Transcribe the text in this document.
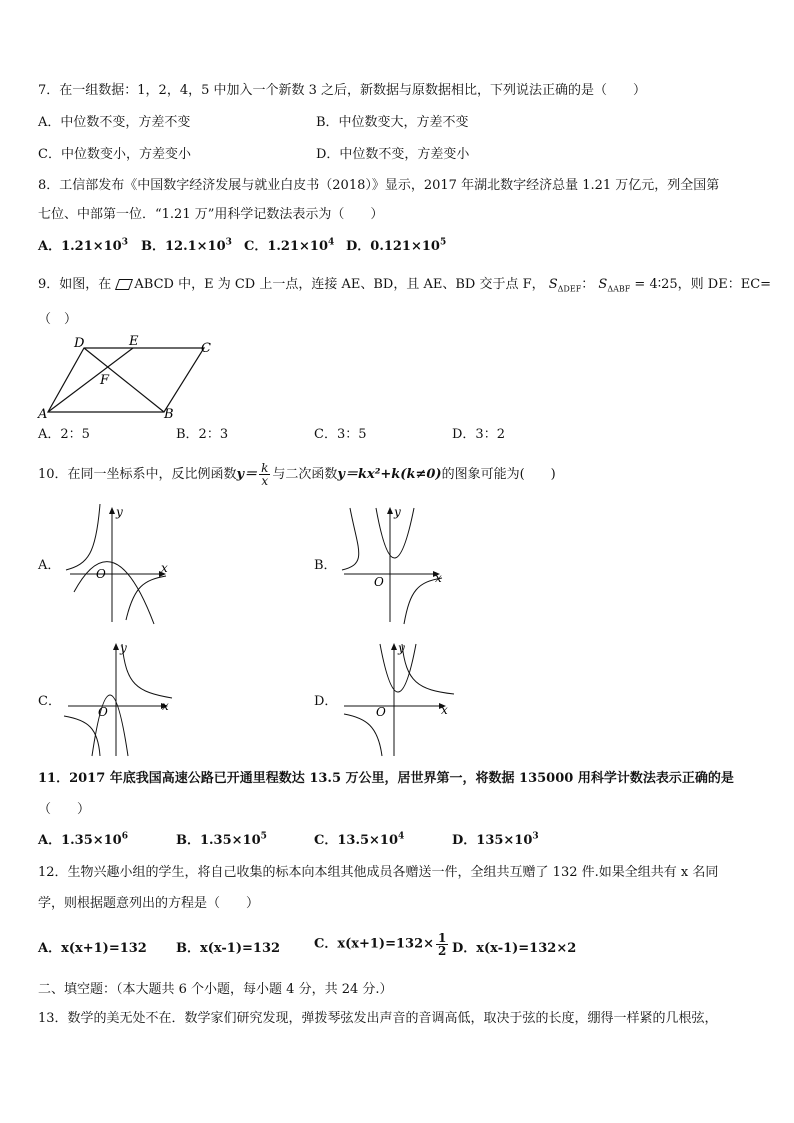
7．在一组数据：1，2，4，5 中加入一个新数 3 之后，新数据与原数据相比，下列说法正确的是（　　）
A．中位数不变，方差不变	B．中位数变大，方差不变
C．中位数变小，方差变小	D．中位数不变，方差变小
8．工信部发布《中国数字经济发展与就业白皮书（2018）》显示，2017 年湖北数字经济总量 1.21 万亿元，列全国第
七位、中部第一位．“1.21 万”用科学记数法表示为（　　）
A．$1.21\times 10^3$ B．$12.1\times 10^3$ C．$1.21\times 10^4$ D．$0.121\times 10^5$
9．如图，在 ABCD 中，E 为 CD 上一点，连接 AE、BD，且 AE、BD 交于点 F， $S_{\Delta DEF}$： $S_{\Delta ABF}$ = 4∶25，则 DE：EC=
（　）
D	E	C
F
A	B
A．2：5	B．2：3	C．3：5	D．3：2
10．在同一坐标系中，反比例函数$y= \frac{k}{x}$ 与二次函数y＝kx²+k(k≠0)的图象可能为(　　)
A．
y
x
O
B．
y
x
O
C．
y
x
O
D．
y
x
O
11．2017 年底我国高速公路已开通里程数达 13.5 万公里，居世界第一，将数据 135000 用科学计数法表示正确的是
（　　）
A．$1.35\times 10^6$	B．$1.35\times 10^5$	C．$13.5\times 10^4$	D．$135\times 10^3$
12．生物兴趣小组的学生，将自己收集的标本向本组其他成员各赠送一件，全组共互赠了 132 件.如果全组共有 x 名同
学，则根据题意列出的方程是（　　）
A．x(x+1)=132 B．x(x-1)=132	C．$x(x+1)=132\times \frac{1}{2}$ D．x(x-1)=132×2
二、填空题：（本大题共 6 个小题，每小题 4 分，共 24 分.）
13．数学的美无处不在．数学家们研究发现，弹拨琴弦发出声音的音调高低，取决于弦的长度，绷得一样紧的几根弦，
